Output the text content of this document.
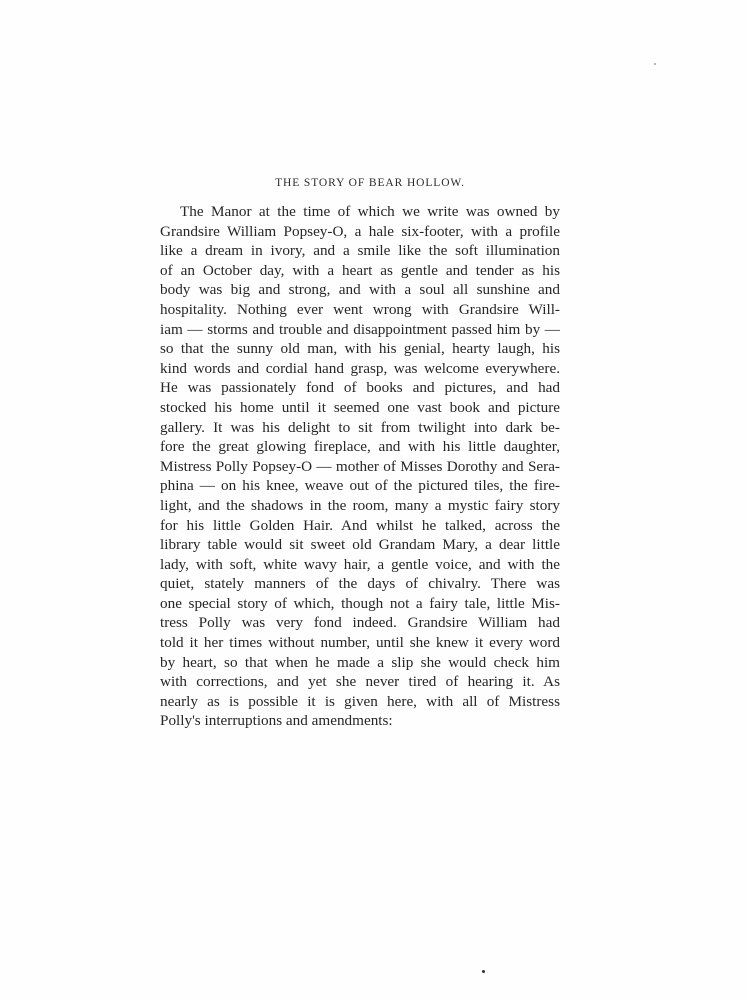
THE STORY OF BEAR HOLLOW.
The Manor at the time of which we write was owned by
Grandsire William Popsey-O, a hale six-footer, with a profile
like a dream in ivory, and a smile like the soft illumination
of an October day, with a heart as gentle and tender as his
body was big and strong, and with a soul all sunshine and
hospitality. Nothing ever went wrong with Grandsire Will-
iam — storms and trouble and disappointment passed him by —
so that the sunny old man, with his genial, hearty laugh, his
kind words and cordial hand grasp, was welcome everywhere.
He was passionately fond of books and pictures, and had
stocked his home until it seemed one vast book and picture
gallery. It was his delight to sit from twilight into dark be-
fore the great glowing fireplace, and with his little daughter,
Mistress Polly Popsey-O — mother of Misses Dorothy and Sera-
phina — on his knee, weave out of the pictured tiles, the fire-
light, and the shadows in the room, many a mystic fairy story
for his little Golden Hair. And whilst he talked, across the
library table would sit sweet old Grandam Mary, a dear little
lady, with soft, white wavy hair, a gentle voice, and with the
quiet, stately manners of the days of chivalry. There was
one special story of which, though not a fairy tale, little Mis-
tress Polly was very fond indeed. Grandsire William had
told it her times without number, until she knew it every word
by heart, so that when he made a slip she would check him
with corrections, and yet she never tired of hearing it. As
nearly as is possible it is given here, with all of Mistress
Polly's interruptions and amendments:
